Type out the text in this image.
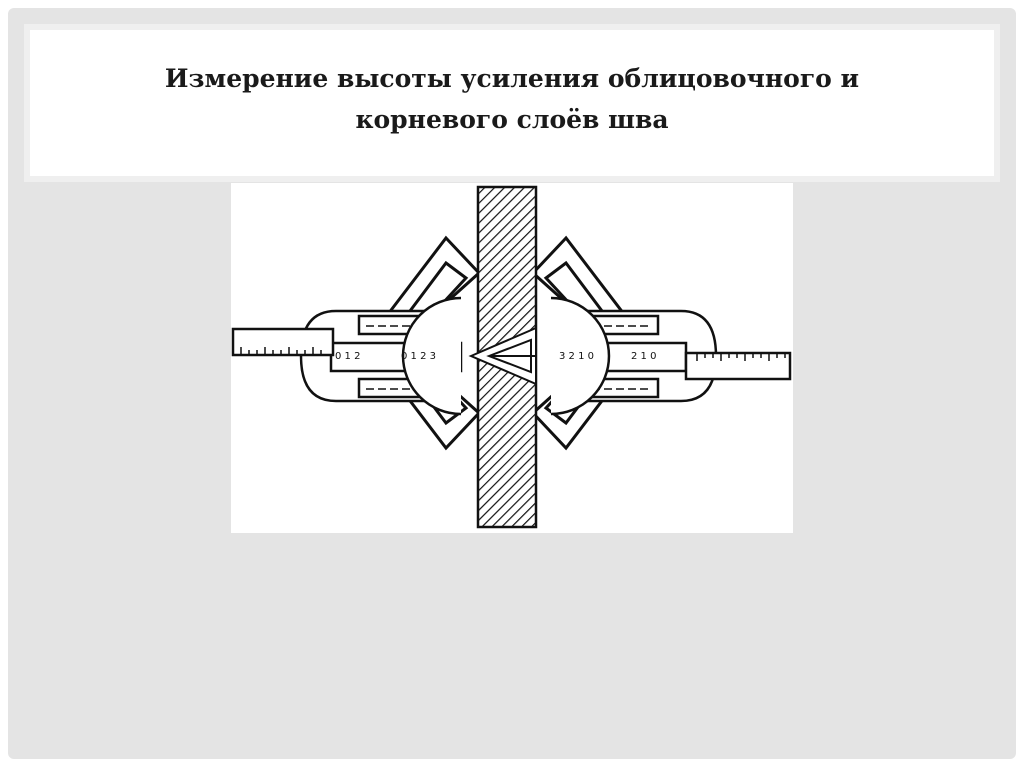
Измерение высоты усиления облицовочного и
корневого слоёв шва
0 1 2	0 1 2 3	3 2 1 0	2 1 0
